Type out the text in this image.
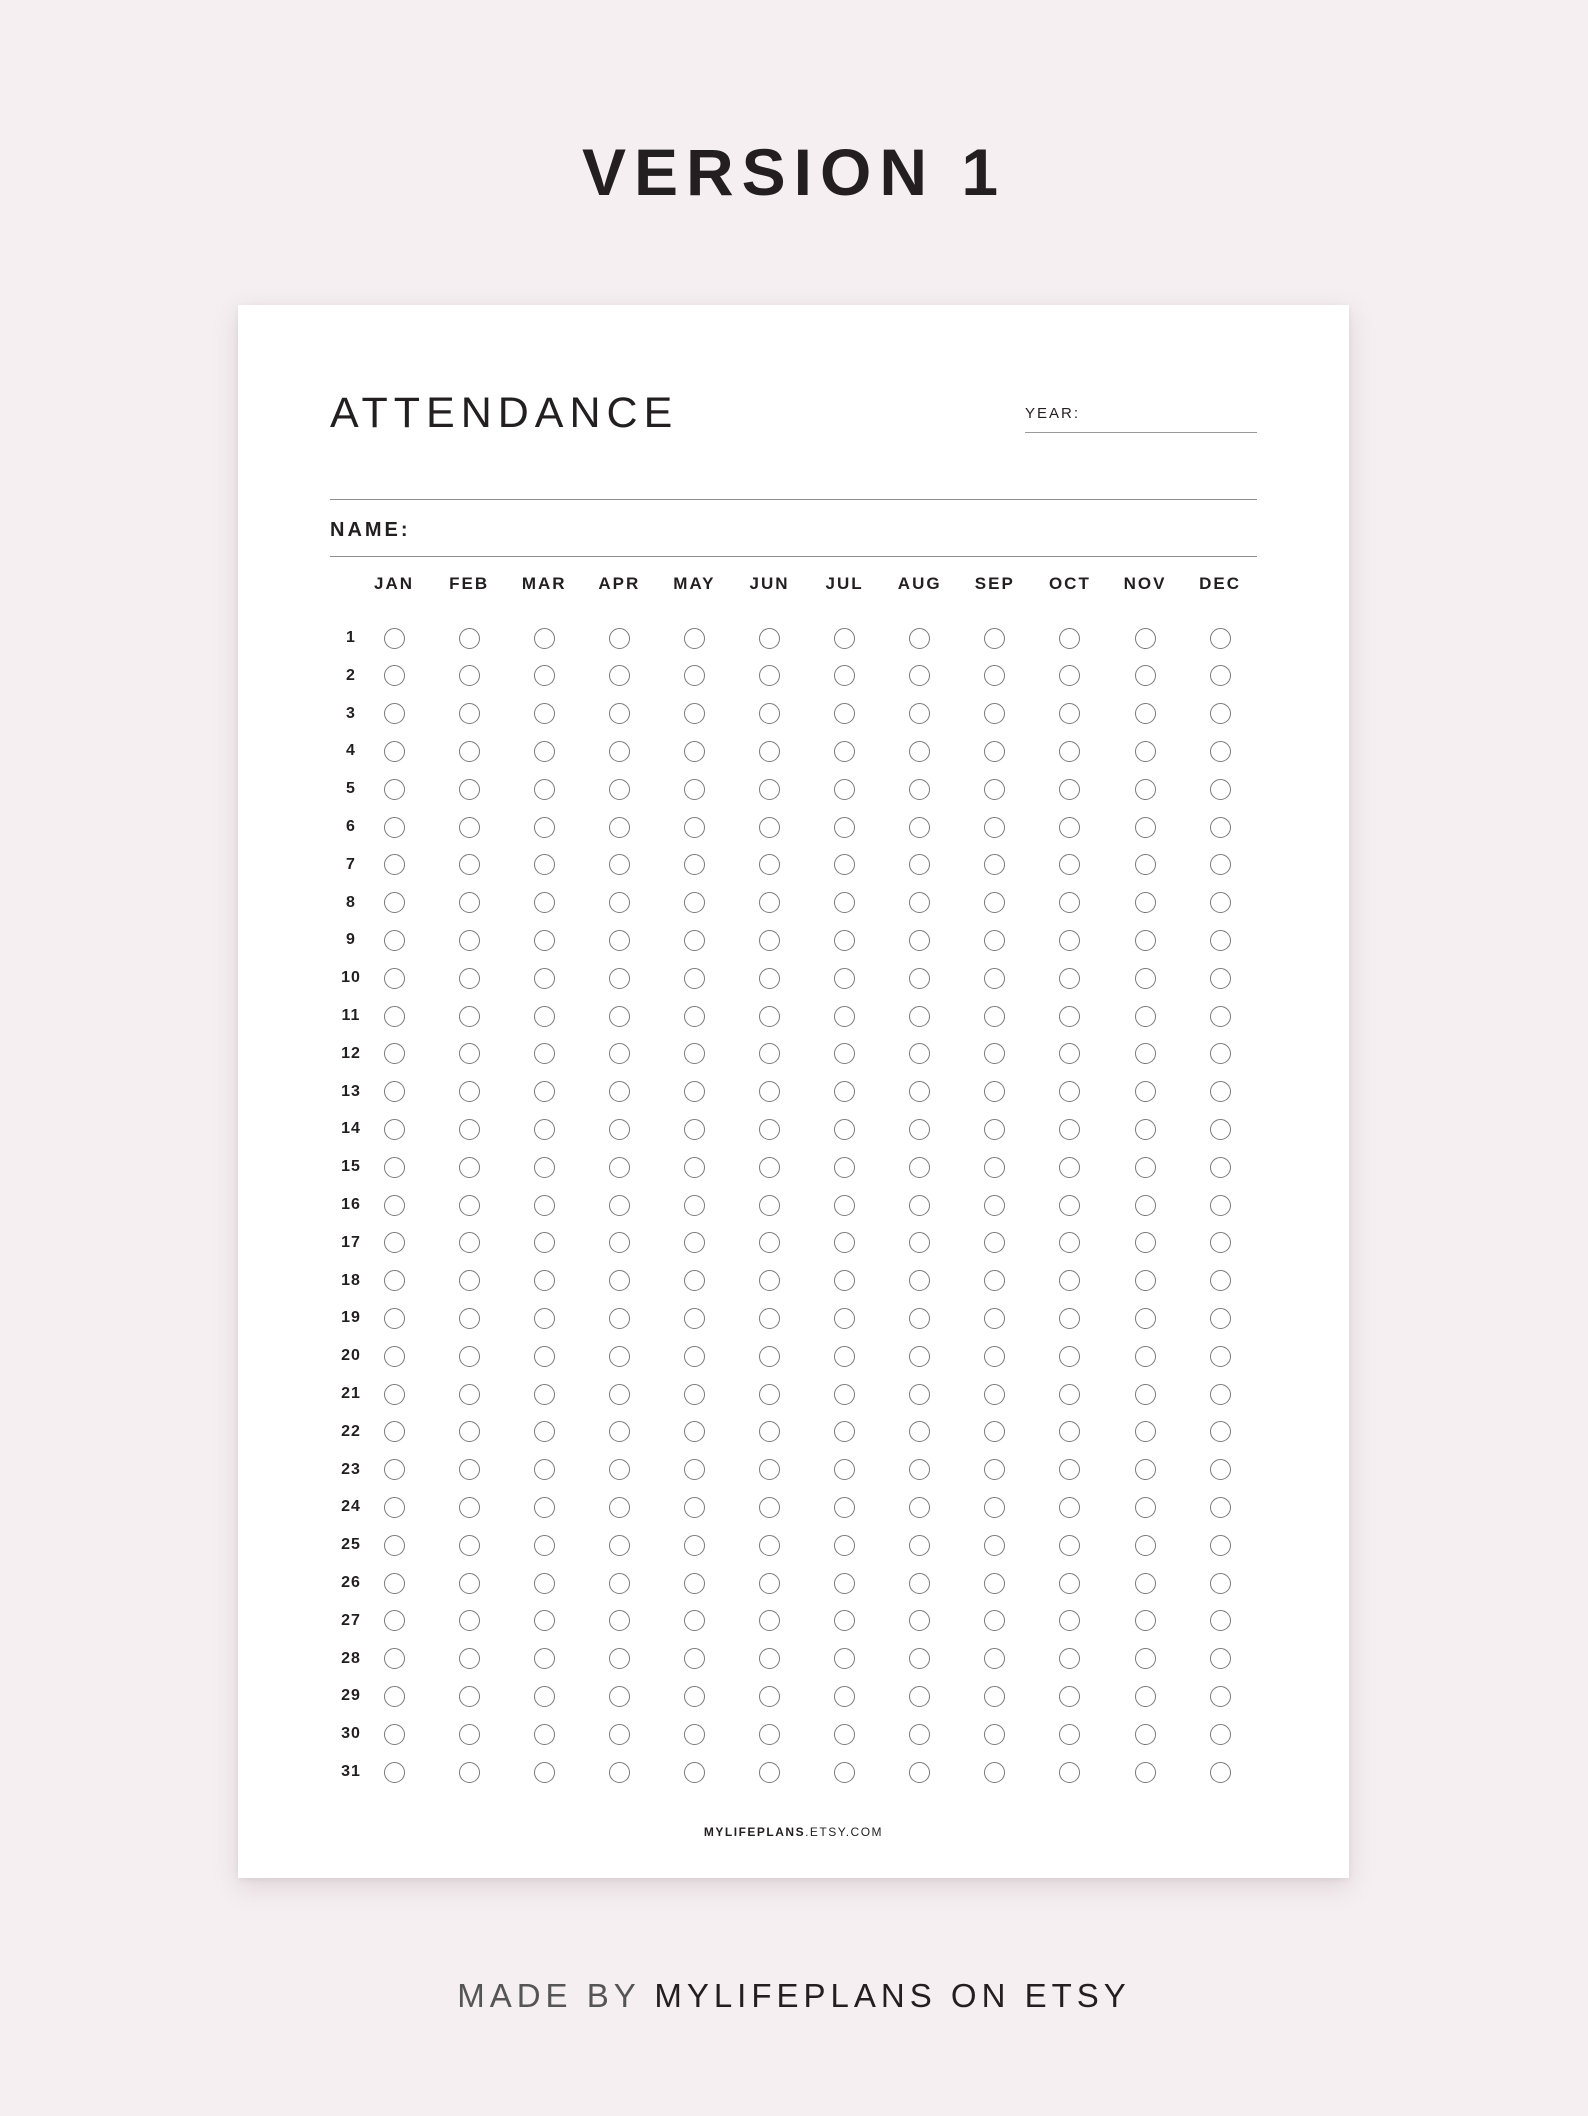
VERSION 1
ATTENDANCE	YEAR:
NAME:
JAN	FEB	MAR	APR	MAY	JUN	JUL	AUG	SEP	OCT	NOV	DEC
1
2
3
4
5
6
7
8
9
10
11
12
13
14
15
16
17
18
19
20
21
22
23
24
25
26
27
28
29
30
31
MYLIFEPLANS.ETSY.COM
MADE BY MYLIFEPLANS ON ETSY
